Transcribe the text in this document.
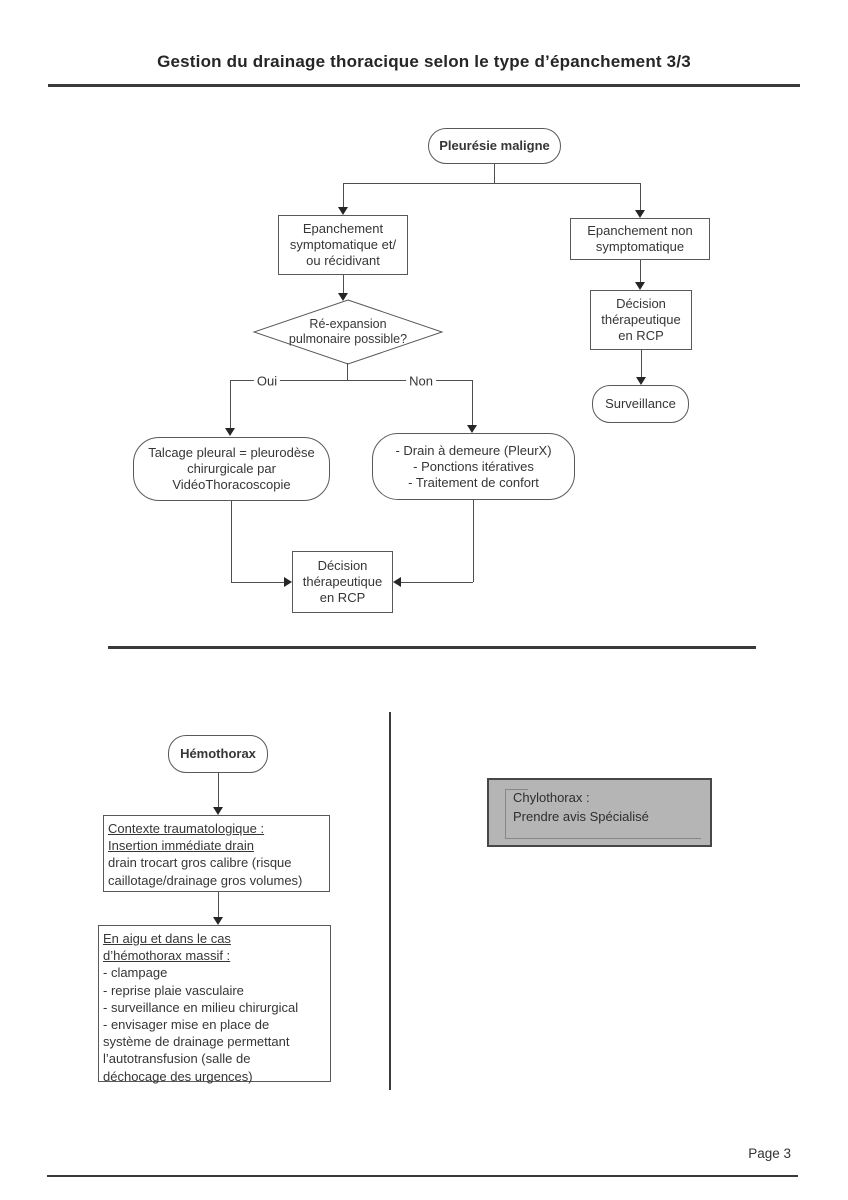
Gestion du drainage thoracique selon le type d’épanchement 3/3
Pleurésie maligne
Epanchement
symptomatique et/
ou récidivant
Epanchement non
symptomatique
Ré-expansion
pulmonaire possible?
Oui	Non
Talcage pleural = pleurodèse
chirurgicale par
VidéoThoracoscopie
- Drain à demeure (PleurX)
- Ponctions itératives
- Traitement de confort
Décision
thérapeutique
en RCP
Décision
thérapeutique
en RCP
Surveillance
Hémothorax
Contexte traumatologique :
Insertion immédiate drain
drain trocart gros calibre (risque
caillotage/drainage gros volumes)
En aigu et dans le cas
d’hémothorax massif :
- clampage
- reprise plaie vasculaire
- surveillance en milieu chirurgical
- envisager mise en place de
système de drainage permettant
l’autotransfusion (salle de
déchocage des urgences)
Chylothorax :
Prendre avis Spécialisé
Page 3
